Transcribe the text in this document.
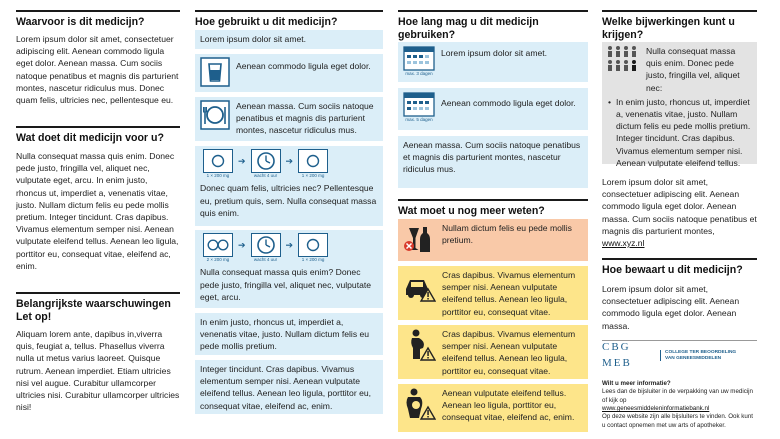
Waarvoor is dit medicijn?
Lorem ipsum dolor sit amet, consectetuer adipiscing elit. Aenean commodo ligula eget dolor. Aenean massa. Cum sociis natoque penatibus et magnis dis parturient montes, nascetur ridiculus mus. Donec quam felis, ultricies nec, pellentesque eu.
Wat doet dit medicijn voor u?
Nulla consequat massa quis enim. Donec pede justo, fringilla vel, aliquet nec, vulputate eget, arcu. In enim justo, rhoncus ut, imperdiet a, venenatis vitae, justo. Nullam dictum felis eu pede mollis pretium. Integer tincidunt. Cras dapibus. Vivamus elementum semper nisi. Aenean vulputate eleifend tellus. Aenean leo ligula, porttitor eu, consequat vitae, eleifend ac, enim.
Belangrijkste waarschuwingen Let op!
Aliquam lorem ante, dapibus in,viverra quis, feugiat a, tellus. Phasellus viverra nulla ut metus varius laoreet. Quisque rutrum. Aenean imperdiet. Etiam ultricies nisi vel augue. Curabitur ullamcorper ultricies nisi. Curabitur ullamcorper ultricies nisi!
Hoe gebruikt u dit medicijn?
Lorem ipsum dolor sit amet.
Aenean commodo ligula eget dolor.
Aenean massa. Cum sociis natoque penatibus et magnis dis parturient montes, nascetur ridiculus mus.
1 × 200 mg
➔
wacht 4 uur
➔
1 × 200 mg
Donec quam felis, ultricies nec? Pellentesque eu, pretium quis, sem. Nulla consequat massa quis enim.
2 × 200 mg
➔
wacht 4 uur
➔
1 × 200 mg
Nulla consequat massa quis enim? Donec pede justo, fringilla vel, aliquet nec, vulputate eget, arcu.
In enim justo, rhoncus ut, imperdiet a, venenatis vitae, justo. Nullam dictum felis eu pede mollis pretium.
Integer tincidunt. Cras dapibus. Vivamus elementum semper nisi. Aenean vulputate eleifend tellus. Aenean leo ligula, porttitor eu, consequat vitae, eleifend ac, enim.
Hoe lang mag u dit medicijn gebruiken?
max. 3 dagen
Lorem ipsum dolor sit amet.
max. 5 dagen
Aenean commodo ligula eget dolor.
Aenean massa. Cum sociis natoque penatibus et magnis dis parturient montes, nascetur ridiculus mus.
Wat moet u nog meer weten?
Nullam dictum felis eu pede mollis pretium.
Cras dapibus. Vivamus elementum semper nisi. Aenean vulputate eleifend tellus. Aenean leo ligula, porttitor eu, consequat vitae.
Cras dapibus. Vivamus elementum semper nisi. Aenean vulputate eleifend tellus. Aenean leo ligula, porttitor eu, consequat vitae.
Aenean vulputate eleifend tellus. Aenean leo ligula, porttitor eu, consequat vitae, eleifend ac, enim.
Welke bijwerkingen kunt u krijgen?
Nulla consequat massa quis enim. Donec pede justo, fringilla vel, aliquet nec:
• In enim justo, rhoncus ut, imperdiet a, venenatis vitae, justo. Nullam dictum felis eu pede mollis pretium. Integer tincidunt. Cras dapibus. Vivamus elementum semper nisi. Aenean vulputate eleifend tellus.
Lorem ipsum dolor sit amet, consectetuer adipiscing elit. Aenean commodo ligula eget dolor. Aenean massa. Cum sociis natoque penatibus et magnis dis parturient montes, www.xyz.nl
Hoe bewaart u dit medicijn?
Lorem ipsum dolor sit amet, consectetuer adipiscing elit. Aenean commodo ligula eget dolor. Aenean massa.
CBG MEB
COLLEGE TER BEOORDELING VAN GENEESMIDDELEN
Wilt u meer informatie?
Lees dan de bijsluiter in de verpakking van uw medicijn of kijk op
www.geneesmiddeleninformatiebank.nl
Op deze website zijn alle bijsluiters te vinden. Ook kunt u contact opnemen met uw arts of apotheker.
